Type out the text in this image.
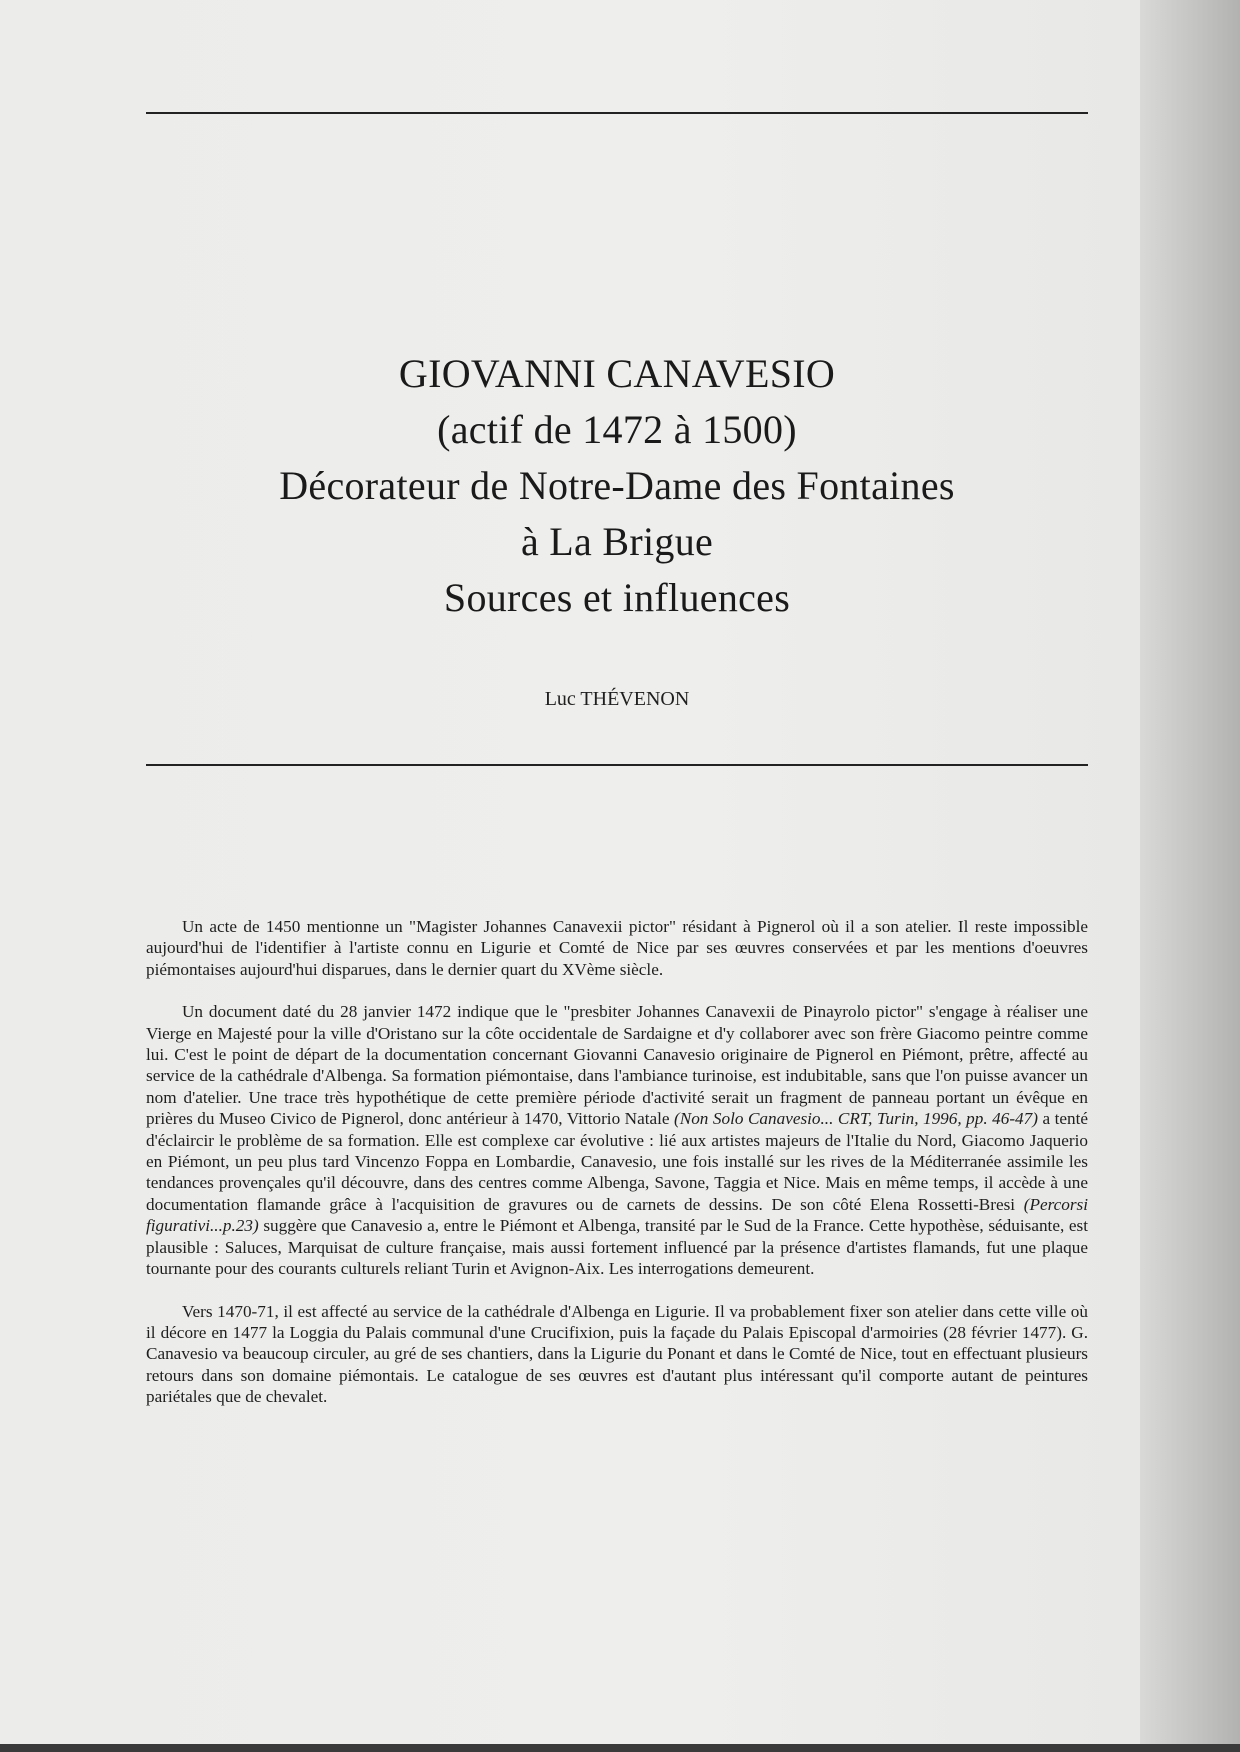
GIOVANNI CANAVESIO
(actif de 1472 à 1500)
Décorateur de Notre-Dame des Fontaines
à La Brigue
Sources et influences
Luc THÉVENON

Un acte de 1450 mentionne un "Magister Johannes Canavexii pictor" résidant à Pignerol où il a son atelier. Il reste impossible aujourd'hui de l'identifier à l'artiste connu en Ligurie et Comté de Nice par ses œuvres conservées et par les mentions d'oeuvres piémontaises aujourd'hui disparues, dans le dernier quart du XVème siècle.

Un document daté du 28 janvier 1472 indique que le "presbiter Johannes Canavexii de Pinayrolo pictor" s'engage à réaliser une Vierge en Majesté pour la ville d'Oristano sur la côte occidentale de Sardaigne et d'y collaborer avec son frère Giacomo peintre comme lui. C'est le point de départ de la documentation concernant Giovanni Canavesio originaire de Pignerol en Piémont, prêtre, affecté au service de la cathédrale d'Albenga. Sa formation piémontaise, dans l'ambiance turinoise, est indubitable, sans que l'on puisse avancer un nom d'atelier. Une trace très hypothétique de cette première période d'activité serait un fragment de panneau portant un évêque en prières du Museo Civico de Pignerol, donc antérieur à 1470, Vittorio Natale (Non Solo Canavesio... CRT, Turin, 1996, pp. 46-47) a tenté d'éclaircir le problème de sa formation. Elle est complexe car évolutive : lié aux artistes majeurs de l'Italie du Nord, Giacomo Jaquerio en Piémont, un peu plus tard Vincenzo Foppa en Lombardie, Canavesio, une fois installé sur les rives de la Méditerranée assimile les tendances provençales qu'il découvre, dans des centres comme Albenga, Savone, Taggia et Nice. Mais en même temps, il accède à une documentation flamande grâce à l'acquisition de gravures ou de carnets de dessins. De son côté Elena Rossetti-Bresi (Percorsi figurativi...p.23) suggère que Canavesio a, entre le Piémont et Albenga, transité par le Sud de la France. Cette hypothèse, séduisante, est plausible : Saluces, Marquisat de culture française, mais aussi fortement influencé par la présence d'artistes flamands, fut une plaque tournante pour des courants culturels reliant Turin et Avignon-Aix. Les interrogations demeurent.

Vers 1470-71, il est affecté au service de la cathédrale d'Albenga en Ligurie. Il va probablement fixer son atelier dans cette ville où il décore en 1477 la Loggia du Palais communal d'une Crucifixion, puis la façade du Palais Episcopal d'armoiries (28 février 1477). G. Canavesio va beaucoup circuler, au gré de ses chantiers, dans la Ligurie du Ponant et dans le Comté de Nice, tout en effectuant plusieurs retours dans son domaine piémontais. Le catalogue de ses œuvres est d'autant plus intéressant qu'il comporte autant de peintures pariétales que de chevalet.
